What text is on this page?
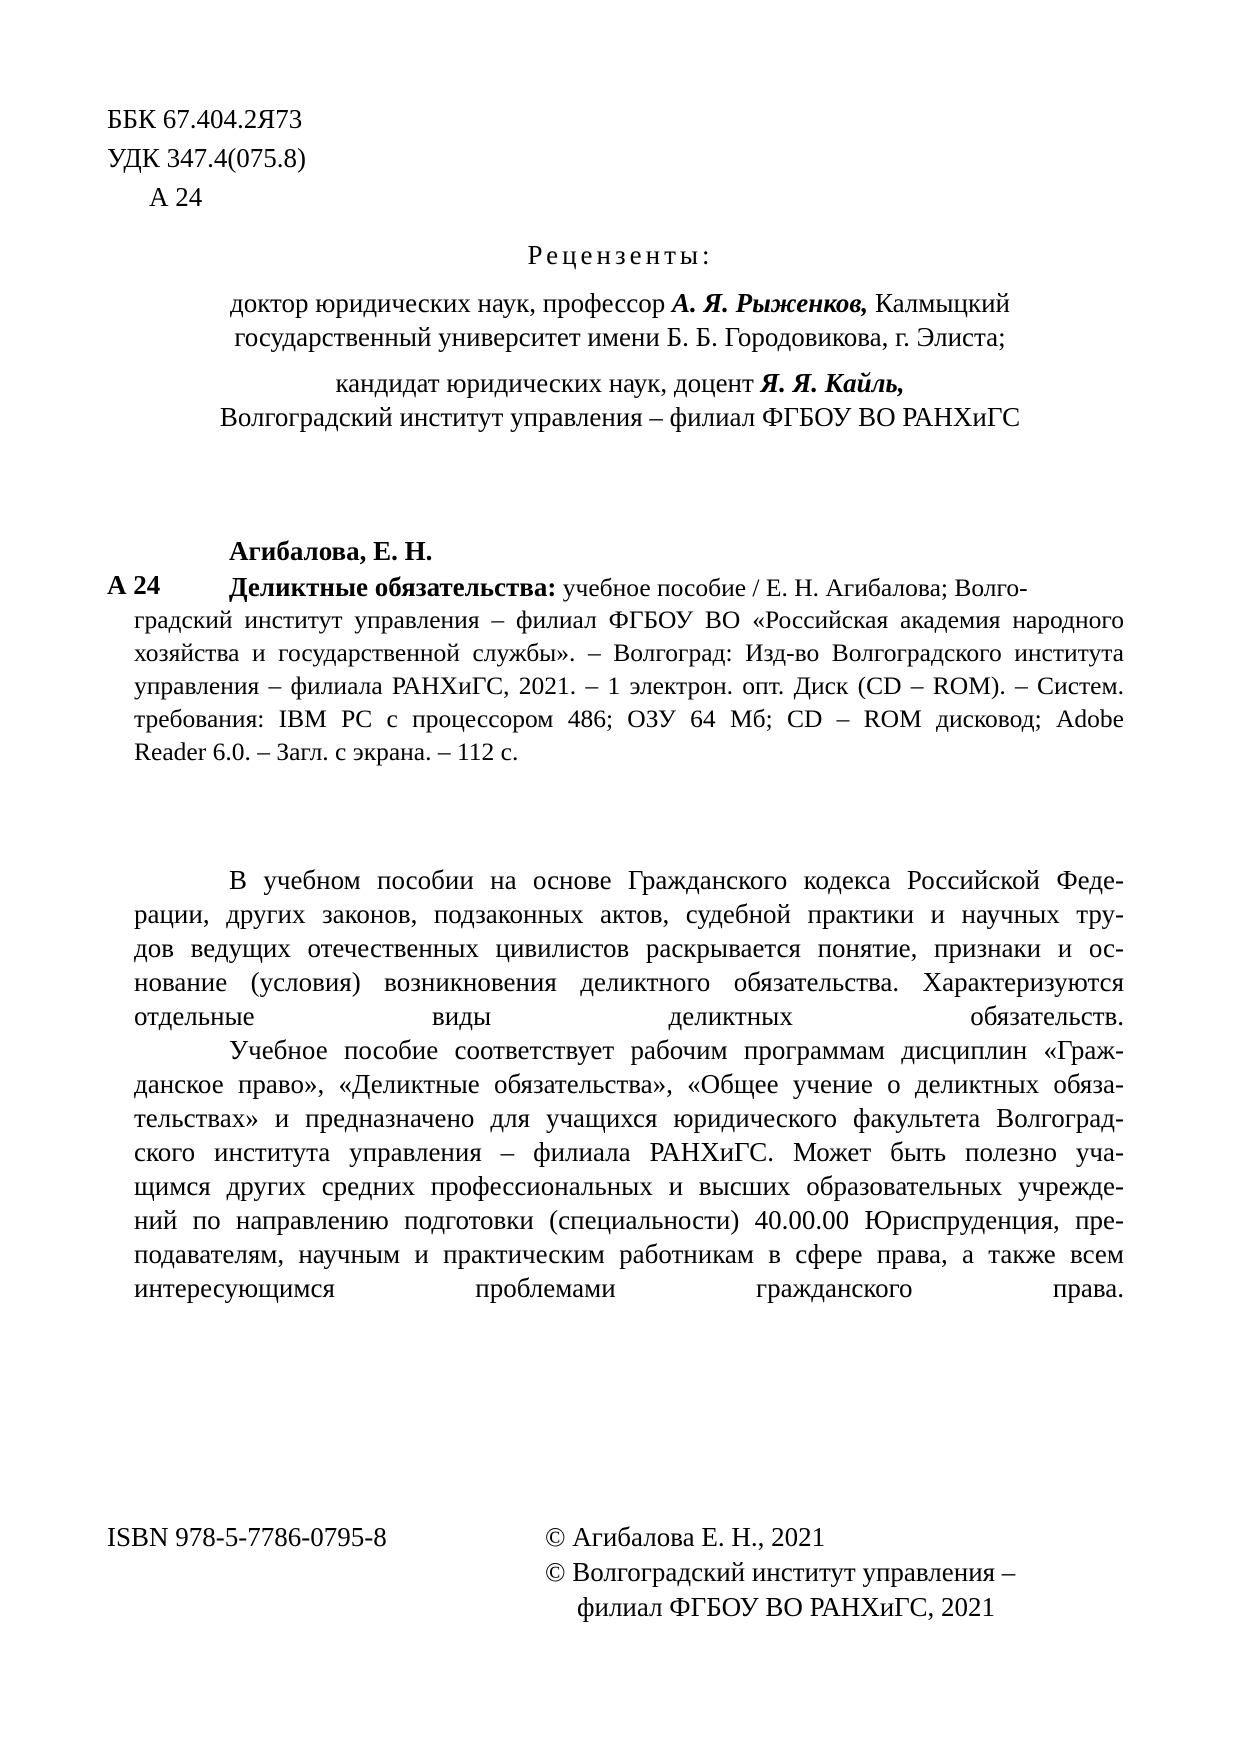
ББК 67.404.2Я73
УДК 347.4(075.8)
А 24
Рецензенты:
доктор юридических наук, профессор А. Я. Рыженков, Калмыцкий
государственный университет имени Б. Б. Городовикова, г. Элиста;
кандидат юридических наук, доцент Я. Я. Кайль,
Волгоградский институт управления – филиал ФГБОУ ВО РАНХиГС
Агибалова, Е. Н.
А 24	Деликтные обязательства: учебное пособие / Е. Н. Агибалова; Волго-
градский институт управления – филиал ФГБОУ ВО «Российская академия народного
хозяйства и государственной службы». – Волгоград: Изд-во Волгоградского института
управления – филиала РАНХиГС, 2021. – 1 электрон. опт. Диск (CD – ROM). – Систем.
требования: IBM PC с процессором 486; ОЗУ 64 Мб; CD – ROM дисковод; Adobe
Reader 6.0. – Загл. с экрана. – 112 с.
В учебном пособии на основе Гражданского кодекса Российской Феде-
рации, других законов, подзаконных актов, судебной практики и научных тру-
дов ведущих отечественных цивилистов раскрывается понятие, признаки и ос-
нование (условия) возникновения деликтного обязательства. Характеризуются
отдельные виды деликтных обязательств.
Учебное пособие соответствует рабочим программам дисциплин «Граж-
данское право», «Деликтные обязательства», «Общее учение о деликтных обяза-
тельствах» и предназначено для учащихся юридического факультета Волгоград-
ского института управления – филиала РАНХиГС. Может быть полезно уча-
щимся других средних профессиональных и высших образовательных учрежде-
ний по направлению подготовки (специальности) 40.00.00 Юриспруденция, пре-
подавателям, научным и практическим работникам в сфере права, а также всем
интересующимся проблемами гражданского права.
ISBN 978-5-7786-0795-8	© Агибалова Е. Н., 2021
© Волгоградский институт управления –
филиал ФГБОУ ВО РАНХиГС, 2021
